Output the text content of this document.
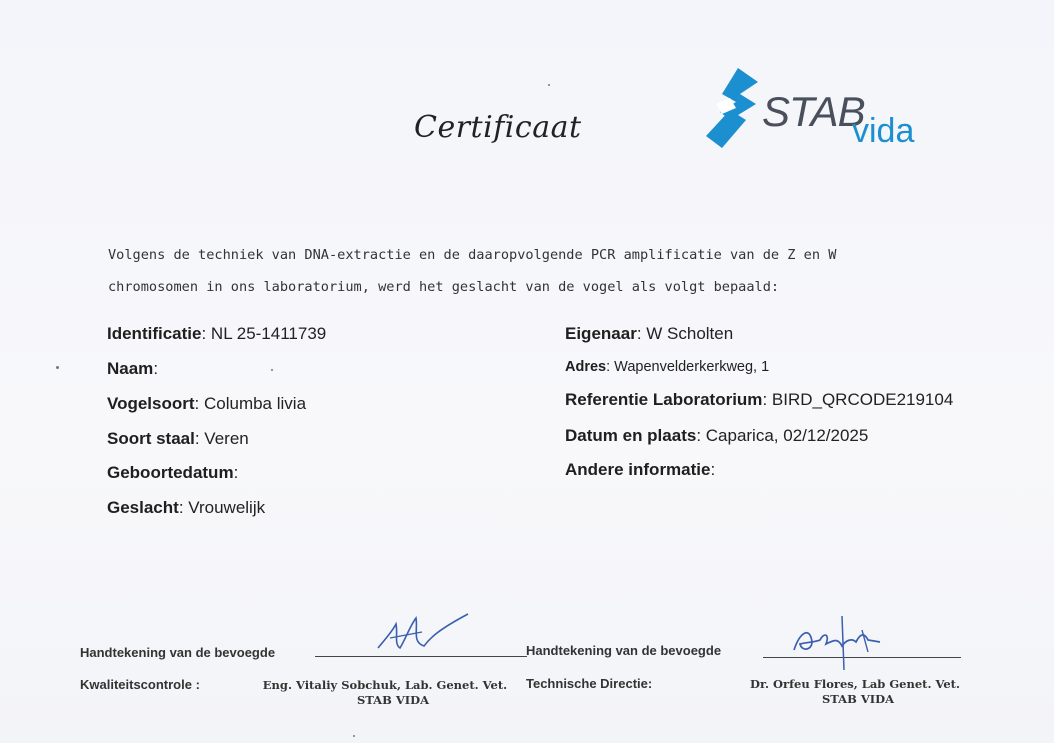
Certificaat	STAB
vida
Volgens de techniek van DNA-extractie en de daaropvolgende PCR amplificatie van de Z en W
chromosomen in ons laboratorium, werd het geslacht van de vogel als volgt bepaald:
Identificatie: NL 25-1411739
Naam:
Vogelsoort: Columba livia
Soort staal: Veren
Geboortedatum:
Geslacht: Vrouwelijk
Eigenaar: W Scholten
Adres: Wapenvelderkerkweg, 1
Referentie Laboratorium: BIRD_QRCODE219104
Datum en plaats: Caparica, 02/12/2025
Andere informatie:
Handtekening van de bevoegde
Kwaliteitscontrole :	Eng. Vitaliy Sobchuk, Lab. Genet. Vet.
STAB VIDA
Handtekening van de bevoegde
Technische Directie:	Dr. Orfeu Flores, Lab Genet. Vet.
STAB VIDA
